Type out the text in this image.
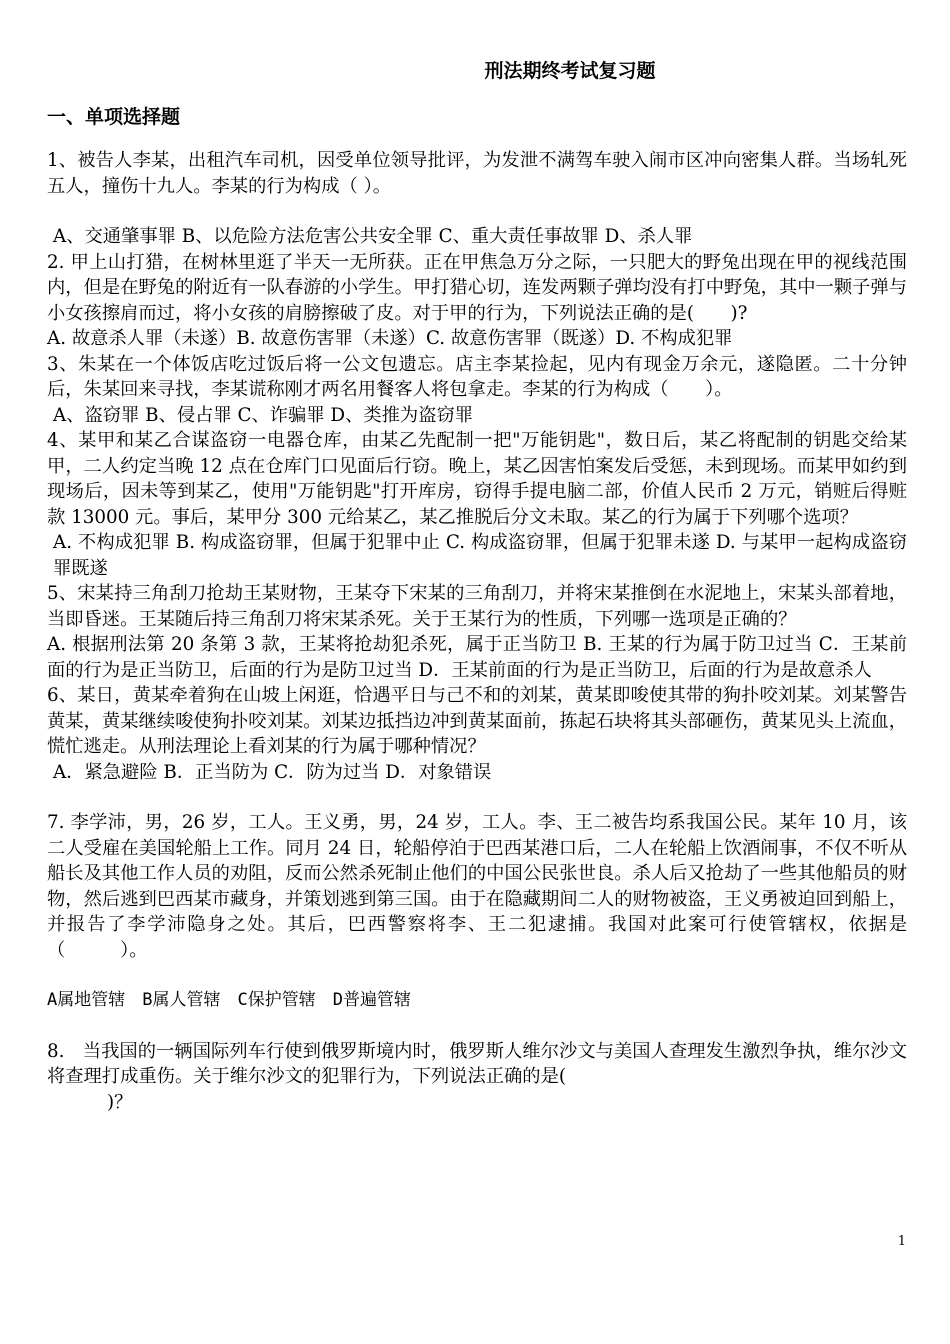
刑法期终考试复习题
一、单项选择题

1、被告人李某，出租汽车司机，因受单位领导批评，为发泄不满驾车驶入闹市区冲向密集人群。当场轧死五人，撞伤十九人。李某的行为构成（ ）。

A、交通肇事罪 B、以危险方法危害公共安全罪 C、重大责任事故罪 D、杀人罪

2. 甲上山打猎，在树林里逛了半天一无所获。正在甲焦急万分之际，一只肥大的野兔出现在甲的视线范围内，但是在野兔的附近有一队春游的小学生。甲打猎心切，连发两颗子弹均没有打中野兔，其中一颗子弹与小女孩擦肩而过，将小女孩的肩膀擦破了皮。对于甲的行为，下列说法正确的是(　　)?

A. 故意杀人罪（未遂）B. 故意伤害罪（未遂）C. 故意伤害罪（既遂）D. 不构成犯罪

3、朱某在一个体饭店吃过饭后将一公文包遗忘。店主李某捡起，见内有现金万余元，遂隐匿。二十分钟后，朱某回来寻找，李某谎称刚才两名用餐客人将包拿走。李某的行为构成（　　）。

A、盗窃罪 B、侵占罪 C、诈骗罪 D、类推为盗窃罪

4、某甲和某乙合谋盗窃一电器仓库，由某乙先配制一把"万能钥匙"，数日后，某乙将配制的钥匙交给某甲，二人约定当晚 12 点在仓库门口见面后行窃。晚上，某乙因害怕案发后受惩，未到现场。而某甲如约到现场后，因未等到某乙，使用"万能钥匙"打开库房，窃得手提电脑二部，价值人民币 2 万元，销赃后得赃款 13000 元。事后，某甲分 300 元给某乙，某乙推脱后分文未取。某乙的行为属于下列哪个选项？

A. 不构成犯罪 B. 构成盗窃罪，但属于犯罪中止 C. 构成盗窃罪，但属于犯罪未遂 D. 与某甲一起构成盗窃罪既遂

5、宋某持三角刮刀抢劫王某财物，王某夺下宋某的三角刮刀，并将宋某推倒在水泥地上，宋某头部着地，当即昏迷。王某随后持三角刮刀将宋某杀死。关于王某行为的性质，下列哪一选项是正确的？

A. 根据刑法第 20 条第 3 款，王某将抢劫犯杀死，属于正当防卫 B. 王某的行为属于防卫过当 C．王某前面的行为是正当防卫，后面的行为是防卫过当 D．王某前面的行为是正当防卫，后面的行为是故意杀人

6、某日，黄某牵着狗在山坡上闲逛，恰遇平日与己不和的刘某，黄某即唆使其带的狗扑咬刘某。刘某警告黄某，黄某继续唆使狗扑咬刘某。刘某边抵挡边冲到黄某面前，拣起石块将其头部砸伤，黄某见头上流血，慌忙逃走。从刑法理论上看刘某的行为属于哪种情况？

A．紧急避险 B．正当防为 C．防为过当 D．对象错误

7. 李学沛，男，26 岁，工人。王义勇，男，24 岁，工人。李、王二被告均系我国公民。某年 10 月，该二人受雇在美国轮船上工作。同月 24 日，轮船停泊于巴西某港口后，二人在轮船上饮酒闹事，不仅不听从船长及其他工作人员的劝阻，反而公然杀死制止他们的中国公民张世良。杀人后又抢劫了一些其他船员的财物，然后逃到巴西某市藏身，并策划逃到第三国。由于在隐藏期间二人的财物被盗，王义勇被迫回到船上，并报告了李学沛隐身之处。其后，巴西警察将李、王二犯逮捕。我国对此案可行使管辖权，依据是（　　　）。

A属地管辖　B属人管辖　C保护管辖　D普遍管辖

8.　当我国的一辆国际列车行使到俄罗斯境内时，俄罗斯人维尔沙文与美国人查理发生激烈争执，维尔沙文将查理打成重伤。关于维尔沙文的犯罪行为，下列说法正确的是(

)？

1
